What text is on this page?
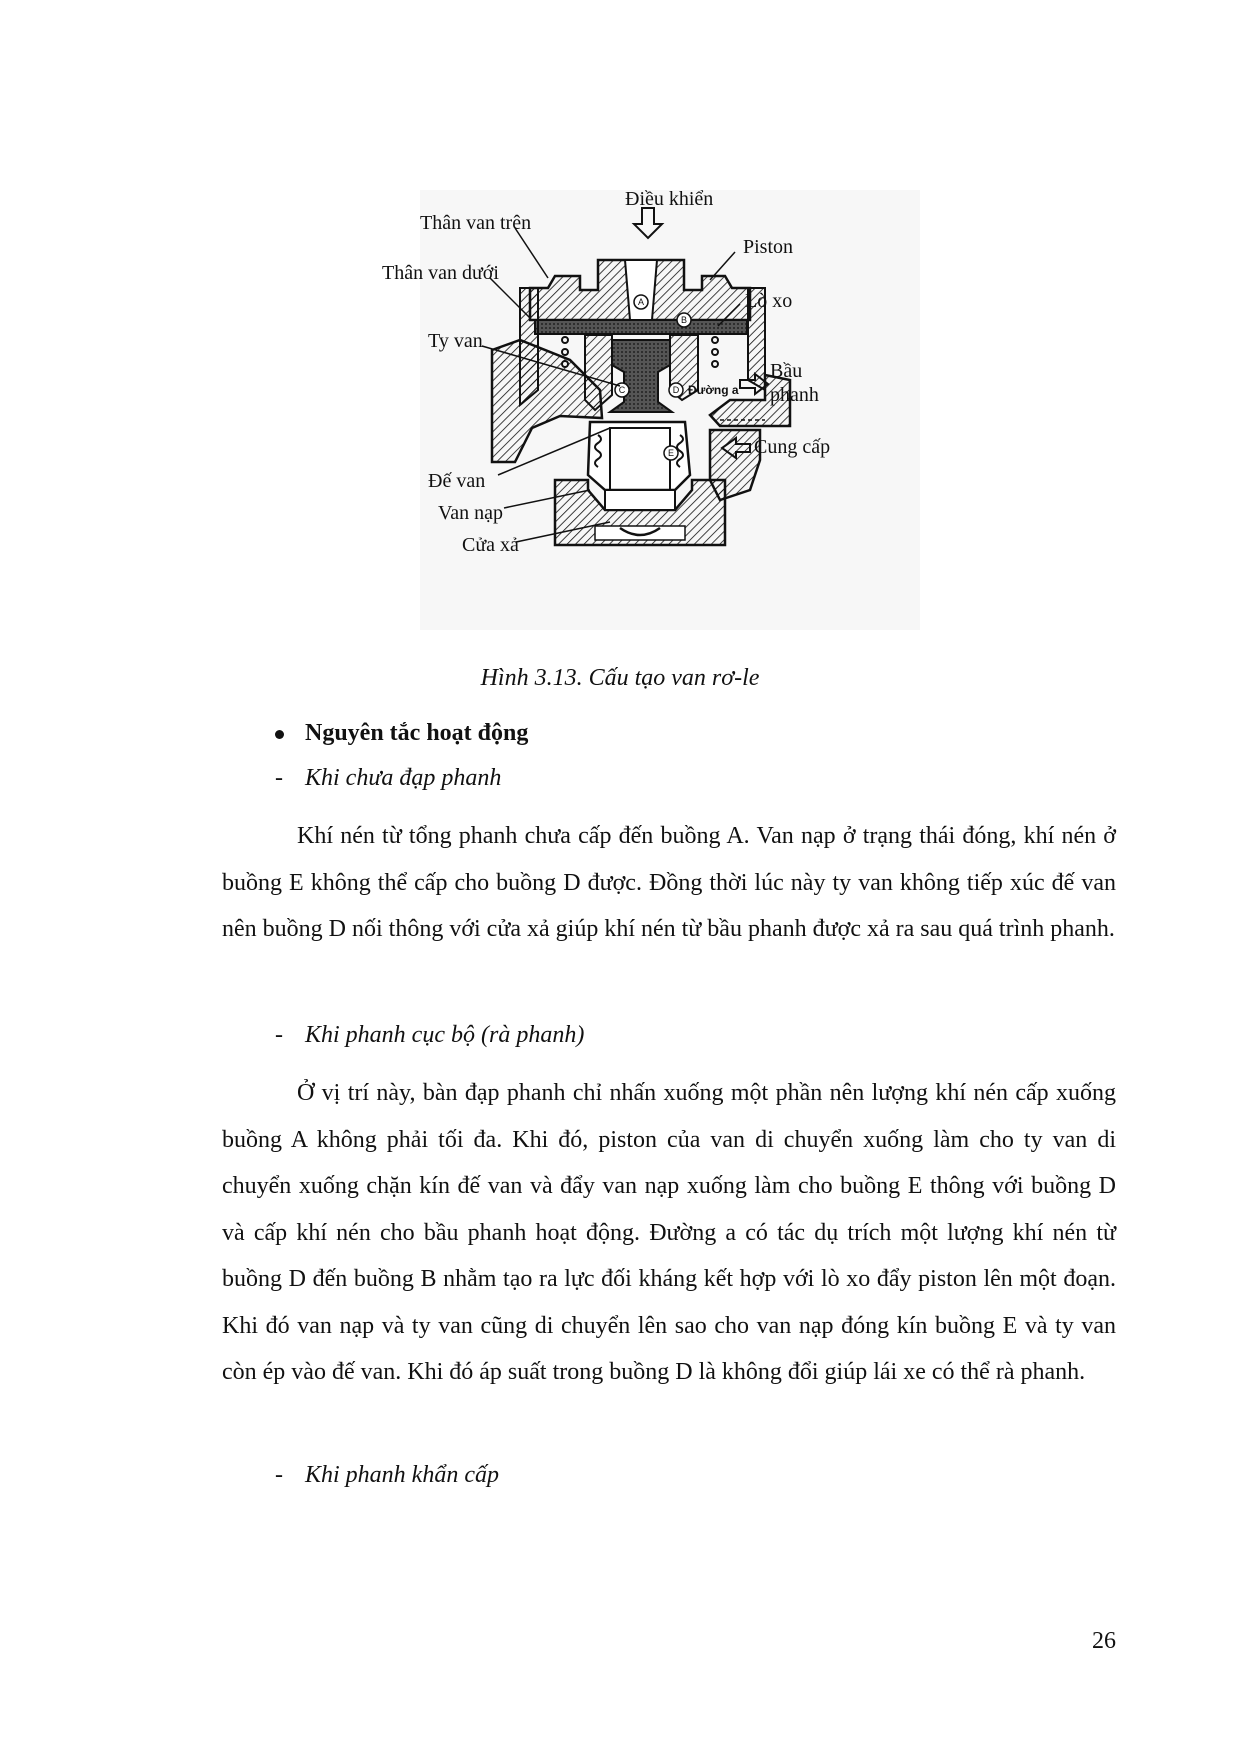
A
B
C	D
E
Đường a
Điều khiển
Thân van trên
Piston
Thân van dưới
Lò xo
Ty van
Bầu
phanh
Cung cấp
Đế van
Van nạp
Cửa xả
Hình 3.13. Cấu tạo van rơ-le
Nguyên tắc hoạt động
- Khi chưa đạp phanh

Khí nén từ tổng phanh chưa cấp đến buồng A. Van nạp ở trạng thái đóng, khí nén ở buồng E không thể cấp cho buồng D được. Đồng thời lúc này ty van không tiếp xúc đế van nên buồng D nối thông với cửa xả giúp khí nén từ bầu phanh được xả ra sau quá trình phanh.

- Khi phanh cục bộ (rà phanh)

Ở vị trí này, bàn đạp phanh chỉ nhấn xuống một phần nên lượng khí nén cấp xuống buồng A không phải tối đa. Khi đó, piston của van di chuyển xuống làm cho ty van di chuyển xuống chặn kín đế van và đẩy van nạp xuống làm cho buồng E thông với buồng D và cấp khí nén cho bầu phanh hoạt động. Đường a có tác dụ trích một lượng khí nén từ buồng D đến buồng B nhằm tạo ra lực đối kháng kết hợp với lò xo đẩy piston lên một đoạn. Khi đó van nạp và ty van cũng di chuyển lên sao cho van nạp đóng kín buồng E và ty van còn ép vào đế van. Khi đó áp suất trong buồng D là không đổi giúp lái xe có thể rà phanh.

- Khi phanh khẩn cấp
26
